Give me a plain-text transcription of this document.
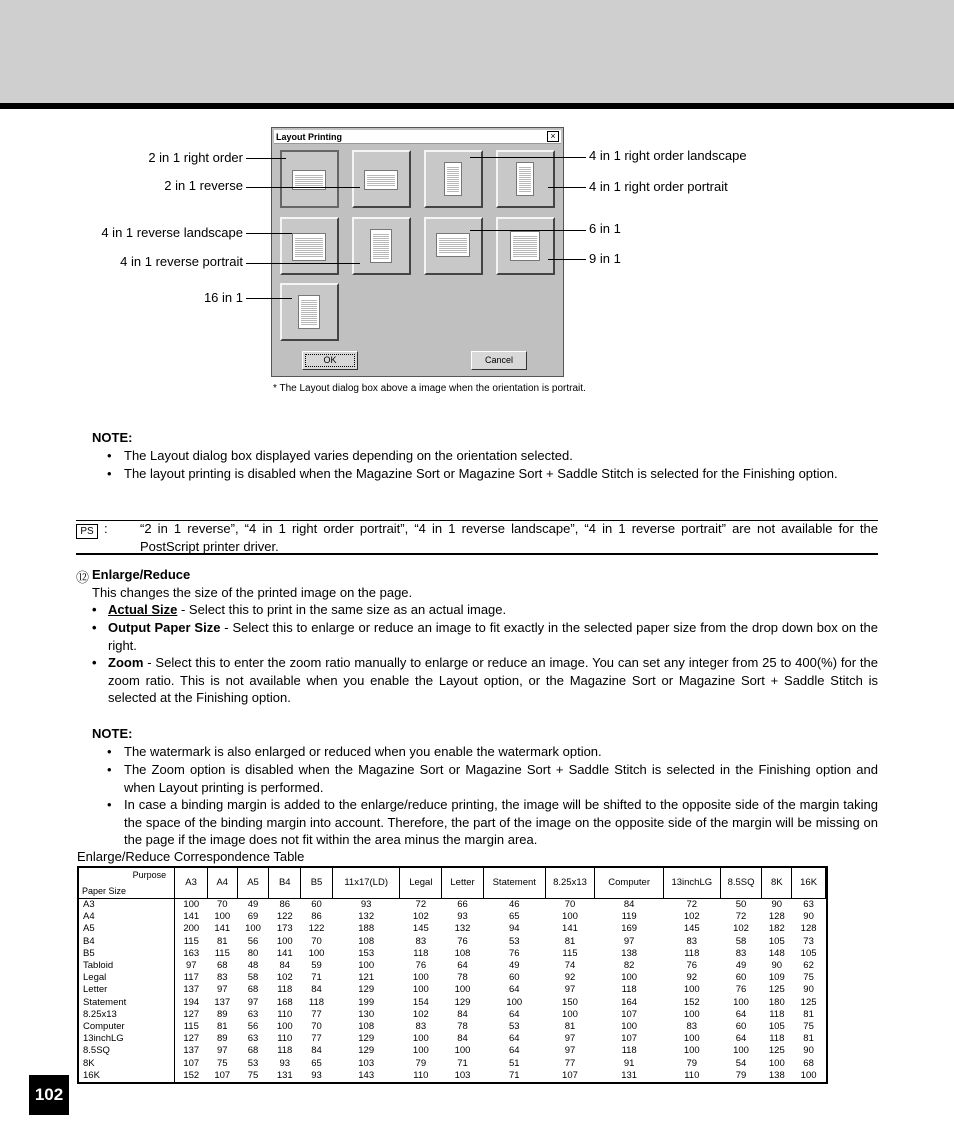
Layout Printing	×
OK	Cancel
2 in 1 right order
2 in 1 reverse
4 in 1 reverse landscape
4 in 1 reverse portrait
16 in 1
4 in 1 right order landscape
4 in 1 right order portrait
6 in 1
9 in 1
* The Layout dialog box above a image when the orientation is portrait.
NOTE:
• The Layout dialog box displayed varies depending on the orientation selected.
• The layout printing is disabled when the Magazine Sort or Magazine Sort + Saddle Stitch is selected for the Finishing option.
PS : “2 in 1 reverse”, “4 in 1 right order portrait”, “4 in 1 reverse landscape”, “4 in 1 reverse portrait” are not available for the PostScript printer driver.
⑫ Enlarge/Reduce
This changes the size of the printed image on the page.
• Actual Size - Select this to print in the same size as an actual image.
• Output Paper Size - Select this to enlarge or reduce an image to fit exactly in the selected paper size from the drop down box on the right.
• Zoom - Select this to enter the zoom ratio manually to enlarge or reduce an image. You can set any integer from 25 to 400(%) for the zoom ratio. This is not available when you enable the Layout option, or the Magazine Sort or Magazine Sort + Saddle Stitch is selected at the Finishing option.
NOTE:
• The watermark is also enlarged or reduced when you enable the watermark option.
• The Zoom option is disabled when the Magazine Sort or Magazine Sort + Saddle Stitch is selected in the Finishing option and when Layout printing is performed.
• In case a binding margin is added to the enlarge/reduce printing, the image will be shifted to the opposite side of the margin taking the space of the binding margin into account. Therefore, the part of the image on the opposite side of the margin will be missing on the page if the image does not fit within the area minus the margin area.
Enlarge/Reduce Correspondence Table
Purpose
Paper Size	A3	A4	A5	B4	B5	11x17(LD)	Legal	Letter	Statement	8.25x13	Computer	13inchLG	8.5SQ	8K	16K
A3	100	70	49	86	60	93	72	66	46	70	84	72	50	90	63
A4	141	100	69	122	86	132	102	93	65	100	119	102	72	128	90
A5	200	141	100	173	122	188	145	132	94	141	169	145	102	182	128
B4	115	81	56	100	70	108	83	76	53	81	97	83	58	105	73
B5	163	115	80	141	100	153	118	108	76	115	138	118	83	148	105
Tabloid	97	68	48	84	59	100	76	64	49	74	82	76	49	90	62
Legal	117	83	58	102	71	121	100	78	60	92	100	92	60	109	75
Letter	137	97	68	118	84	129	100	100	64	97	118	100	76	125	90
Statement	194	137	97	168	118	199	154	129	100	150	164	152	100	180	125
8.25x13	127	89	63	110	77	130	102	84	64	100	107	100	64	118	81
Computer	115	81	56	100	70	108	83	78	53	81	100	83	60	105	75
13inchLG	127	89	63	110	77	129	100	84	64	97	107	100	64	118	81
8.5SQ	137	97	68	118	84	129	100	100	64	97	118	100	100	125	90
8K	107	75	53	93	65	103	79	71	51	77	91	79	54	100	68
16K	152	107	75	131	93	143	110	103	71	107	131	110	79	138	100
102
